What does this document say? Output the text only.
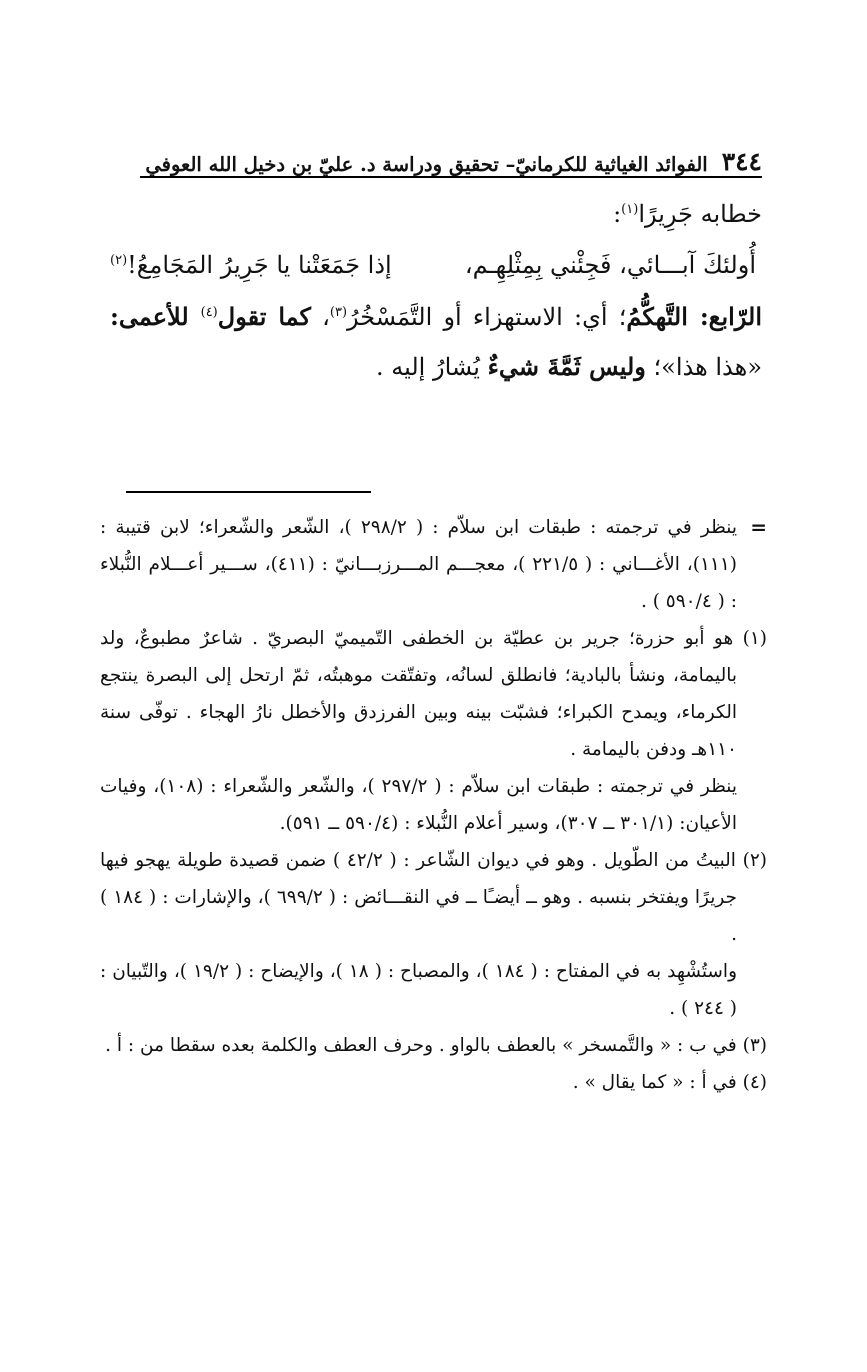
٣٤٤
الفوائد الغياثية للكرمانيّ– تحقيق ودراسة د. عليّ بن دخيل الله العوفي

خطابه جَرِيرًا$^{(١)}$:

أُولئكَ آبـــائي، فَجِئْني بِمِثْلِهِـم،
إذا جَمَعَتْنا يا جَرِيرُ المَجَامِعُ!$^{(٢)}$

الرّابع: التَّهكُّمُ؛ أي: الاستهزاء أو التَّمَسْخُرُ$^{(٣)}$، كما تقول$^{(٤)}$ للأعمى: «هذا هذا»؛ وليس ثَمَّةَ شيءٌ يُشارُ إليه .

=

ينظر في ترجمته : طبقات ابن سلاّم : ( ٢٩٨/٢ )، الشّعر والشّعراء؛ لابن قتيبة : (١١١)، الأغـــاني : ( ٢٢١/٥ )، معجـــم المـــرزبـــانيّ : (٤١١)، ســـير أعـــلام النُّبلاء : ( ٥٩٠/٤ ) .

(١) هو أبو حزرة؛ جرير بن عطيّة بن الخطفى التّميميّ البصريّ . شاعرٌ مطبوعٌ، ولد باليمامة، ونشأ بالبادية؛ فانطلق لسانُه، وتفتّقت موهبتُه، ثمّ ارتحل إلى البصرة ينتجع الكرماء، ويمدح الكبراء؛ فشبّت بينه وبين الفرزدق والأخطل نارُ الهجاء . توفّى سنة ١١٠هـ ودفن باليمامة .

ينظر في ترجمته : طبقات ابن سلاّم : ( ٢٩٧/٢ )، والشّعر والشّعراء : (١٠٨)، وفيات الأعيان: (٣٠١/١ ــ ٣٠٧)، وسير أعلام النُّبلاء : (٥٩٠/٤ ــ ٥٩١).

(٢) البيتُ من الطّويل . وهو في ديوان الشّاعر : ( ٤٢/٢ ) ضمن قصيدة طويلة يهجو فيها جريرًا ويفتخر بنسبه . وهو ــ أيضـًا ــ في النقـــائض : ( ٦٩٩/٢ )، والإشارات : ( ١٨٤ ) .

واستُشْهِد به في المفتاح : ( ١٨٤ )، والمصباح : ( ١٨ )، والإيضاح : ( ١٩/٢ )، والتّبيان : ( ٢٤٤ ) .

(٣) في ب : « والتَّمسخر » بالعطف بالواو . وحرف العطف والكلمة بعده سقطا من : أ .

(٤) في أ : « كما يقال » .
